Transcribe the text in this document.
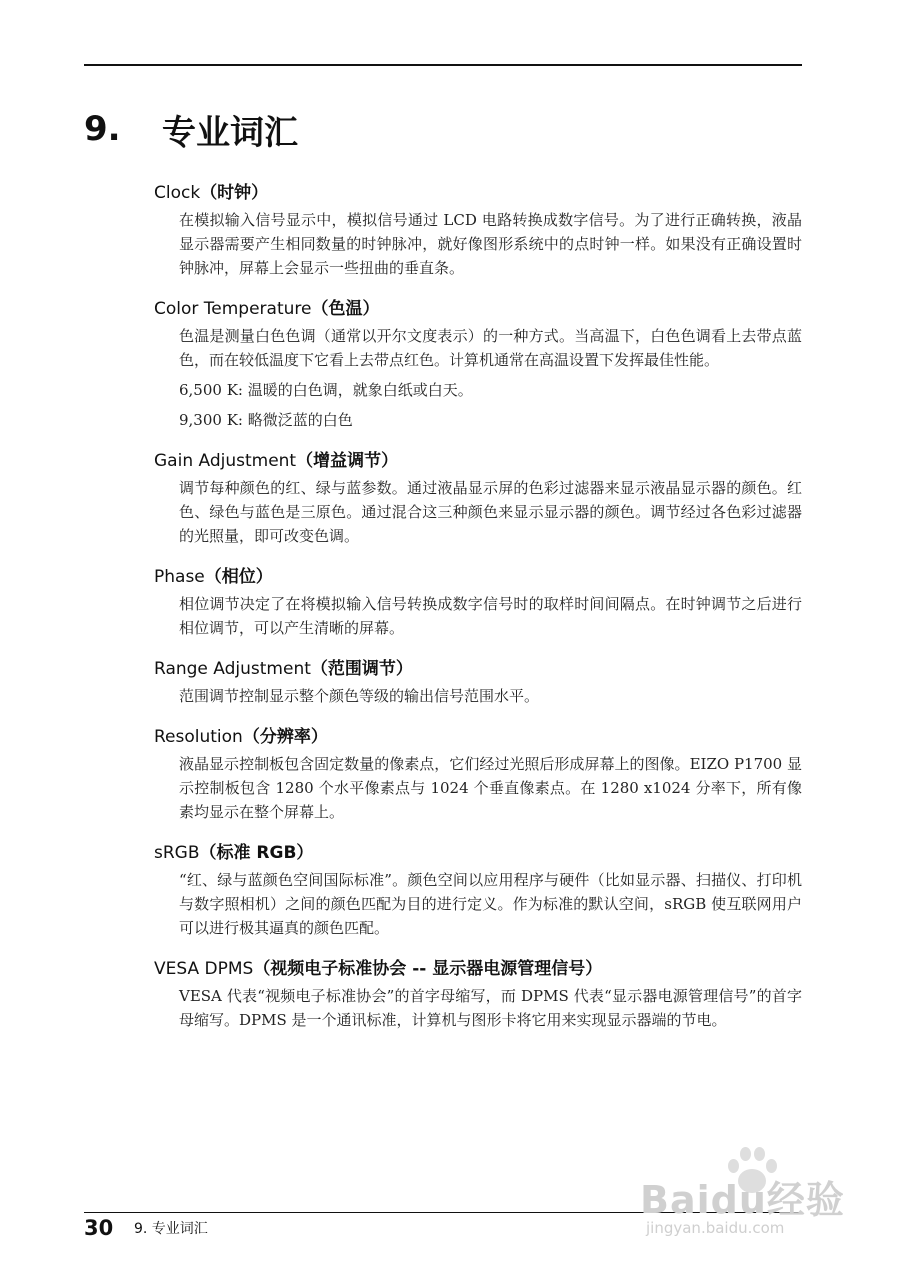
9.	专业词汇
Clock（时钟）

在模拟输入信号显示中，模拟信号通过 LCD 电路转换成数字信号。为了进行正确转换，液晶显示器需要产生相同数量的时钟脉冲，就好像图形系统中的点时钟一样。如果没有正确设置时钟脉冲，屏幕上会显示一些扭曲的垂直条。

Color Temperature（色温）

色温是测量白色色调（通常以开尔文度表示）的一种方式。当高温下，白色色调看上去带点蓝色，而在较低温度下它看上去带点红色。计算机通常在高温设置下发挥最佳性能。

6,500 K: 温暖的白色调，就象白纸或白天。

9,300 K: 略微泛蓝的白色

Gain Adjustment（增益调节）

调节每种颜色的红、绿与蓝参数。通过液晶显示屏的色彩过滤器来显示液晶显示器的颜色。红色、绿色与蓝色是三原色。通过混合这三种颜色来显示显示器的颜色。调节经过各色彩过滤器的光照量，即可改变色调。

Phase（相位）

相位调节决定了在将模拟输入信号转换成数字信号时的取样时间间隔点。在时钟调节之后进行相位调节，可以产生清晰的屏幕。

Range Adjustment（范围调节）

范围调节控制显示整个颜色等级的输出信号范围水平。

Resolution（分辨率）

液晶显示控制板包含固定数量的像素点，它们经过光照后形成屏幕上的图像。EIZO P1700 显示控制板包含 1280 个水平像素点与 1024 个垂直像素点。在 1280 x1024 分率下，所有像素均显示在整个屏幕上。

sRGB（标准 RGB）

“红、绿与蓝颜色空间国际标准”。颜色空间以应用程序与硬件（比如显示器、扫描仪、打印机与数字照相机）之间的颜色匹配为目的进行定义。作为标准的默认空间，sRGB 使互联网用户可以进行极其逼真的颜色匹配。

VESA DPMS（视频电子标准协会 -- 显示器电源管理信号）

VESA 代表“视频电子标准协会”的首字母缩写，而 DPMS 代表“显示器电源管理信号”的首字母缩写。DPMS 是一个通讯标准，计算机与图形卡将它用来实现显示器端的节电。

30	9. 专业词汇
Baidu经验
jingyan.baidu.com
